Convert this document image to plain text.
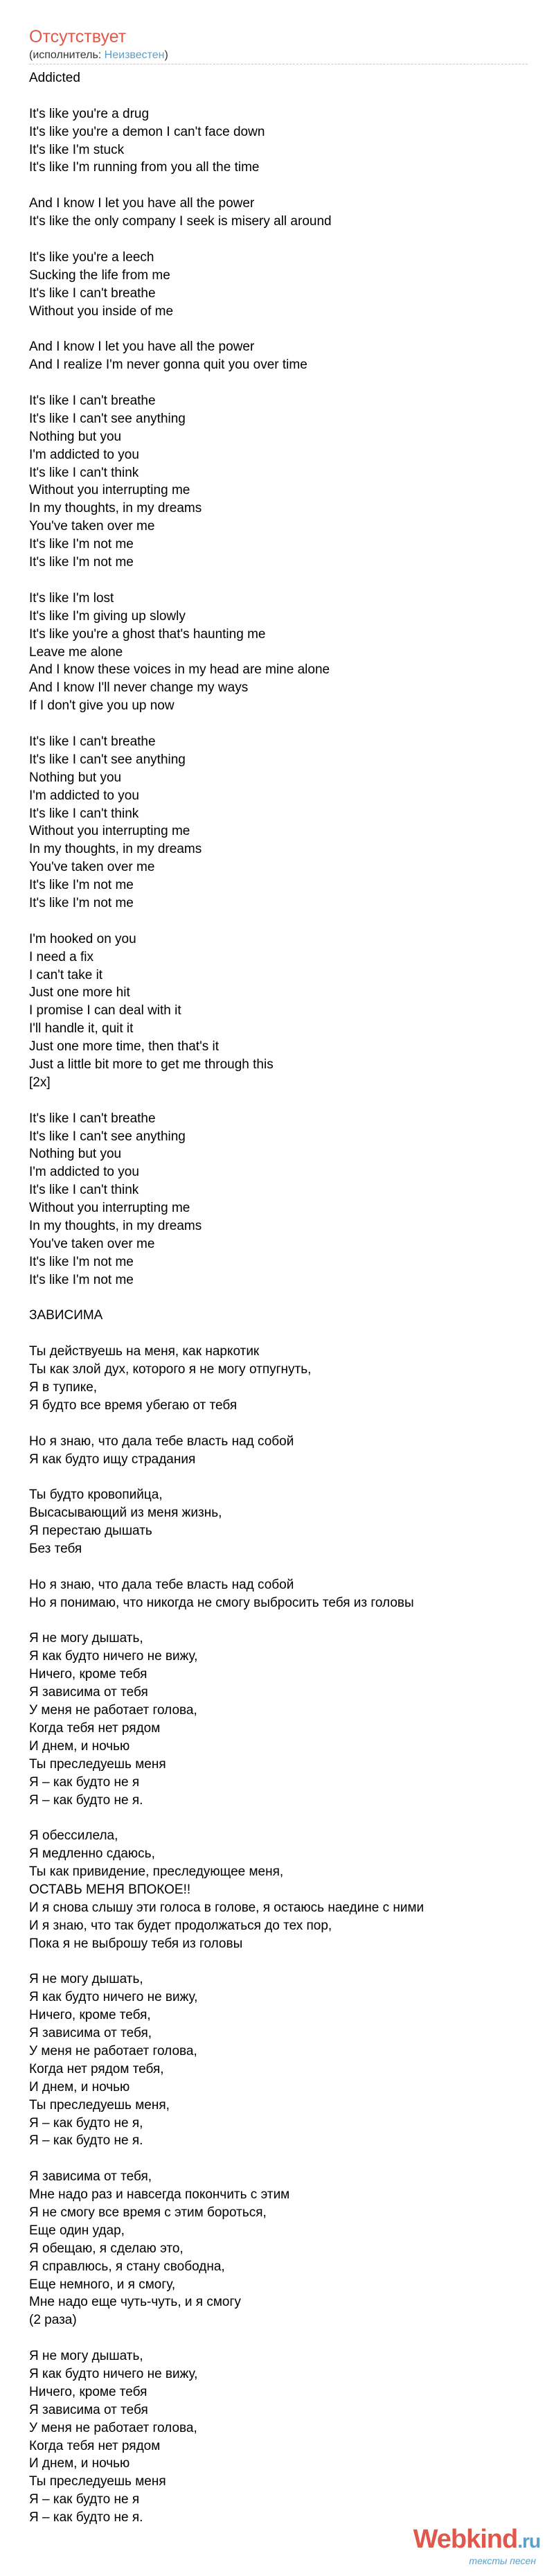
Отсутствует
(исполнитель: Неизвестен)
Addicted
It's like you're a drug
It's like you're a demon I can't face down
It's like I'm stuck
It's like I'm running from you all the time
And I know I let you have all the power
It's like the only company I seek is misery all around
It's like you're a leech
Sucking the life from me
It's like I can't breathe
Without you inside of me
And I know I let you have all the power
And I realize I'm never gonna quit you over time
It's like I can't breathe
It's like I can't see anything
Nothing but you
I'm addicted to you
It's like I can't think
Without you interrupting me
In my thoughts, in my dreams
You've taken over me
It's like I'm not me
It's like I'm not me
It's like I'm lost
It's like I'm giving up slowly
It's like you're a ghost that's haunting me
Leave me alone
And I know these voices in my head are mine alone
And I know I'll never change my ways
If I don't give you up now
It's like I can't breathe
It's like I can't see anything
Nothing but you
I'm addicted to you
It's like I can't think
Without you interrupting me
In my thoughts, in my dreams
You've taken over me
It's like I'm not me
It's like I'm not me
I'm hooked on you
I need a fix
I can't take it
Just one more hit
I promise I can deal with it
I'll handle it, quit it
Just one more time, then that's it
Just a little bit more to get me through this
[2x]
It's like I can't breathe
It's like I can't see anything
Nothing but you
I'm addicted to you
It's like I can't think
Without you interrupting me
In my thoughts, in my dreams
You've taken over me
It's like I'm not me
It's like I'm not me
ЗАВИСИМА
Ты действуешь на меня, как наркотик
Ты как злой дух, которого я не могу отпугнуть,
Я в тупике,
Я будто все время убегаю от тебя
Но я знаю, что дала тебе власть над собой
Я как будто ищу страдания
Ты будто кровопийца,
Высасывающий из меня жизнь,
Я перестаю дышать
Без тебя
Но я знаю, что дала тебе власть над собой
Но я понимаю, что никогда не смогу выбросить тебя из головы
Я не могу дышать,
Я как будто ничего не вижу,
Ничего, кроме тебя
Я зависима от тебя
У меня не работает голова,
Когда тебя нет рядом
И днем, и ночью
Ты преследуешь меня
Я – как будто не я
Я – как будто не я.
Я обессилела,
Я медленно сдаюсь,
Ты как привидение, преследующее меня,
ОСТАВЬ МЕНЯ ВПОКОЕ!!
И я снова слышу эти голоса в голове, я остаюсь наедине с ними
И я знаю, что так будет продолжаться до тех пор,
Пока я не выброшу тебя из головы
Я не могу дышать,
Я как будто ничего не вижу,
Ничего, кроме тебя,
Я зависима от тебя,
У меня не работает голова,
Когда нет рядом тебя,
И днем, и ночью
Ты преследуешь меня,
Я – как будто не я,
Я – как будто не я.
Я зависима от тебя,
Мне надо раз и навсегда покончить с этим
Я не смогу все время с этим бороться,
Еще один удар,
Я обещаю, я сделаю это,
Я справлюсь, я стану свободна,
Еще немного, и я смогу,
Мне надо еще чуть-чуть, и я смогу
(2 раза)
Я не могу дышать,
Я как будто ничего не вижу,
Ничего, кроме тебя
Я зависима от тебя
У меня не работает голова,
Когда тебя нет рядом
И днем, и ночью
Ты преследуешь меня
Я – как будто не я
Я – как будто не я.
Webkind.ru
тексты песен
